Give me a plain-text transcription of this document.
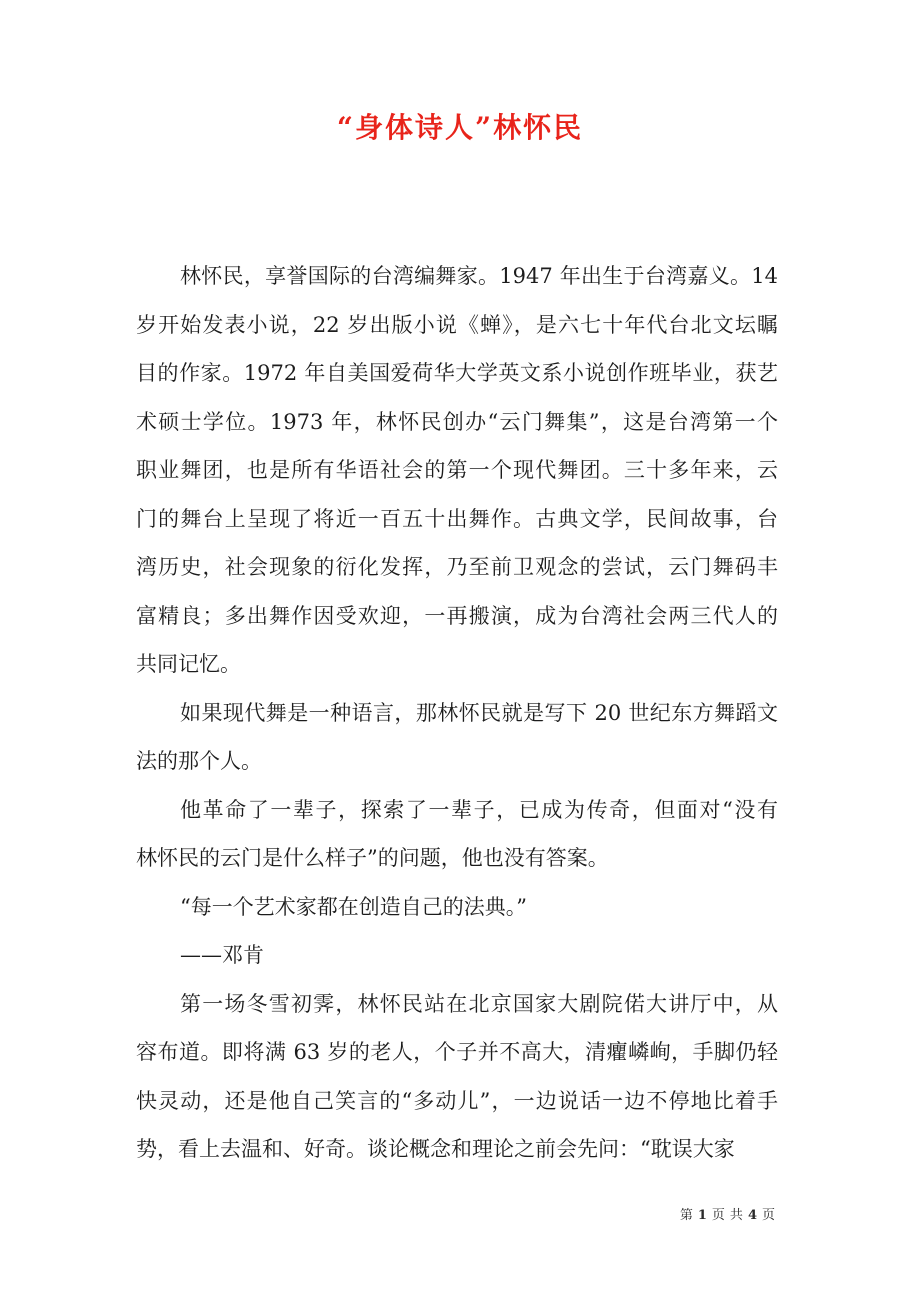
“身体诗人”林怀民
林怀民，享誉国际的台湾编舞家。1947 年出生于台湾嘉义。14
岁开始发表小说，22 岁出版小说《蝉》，是六七十年代台北文坛瞩
目的作家。1972 年自美国爱荷华大学英文系小说创作班毕业，获艺
术硕士学位。1973 年，林怀民创办“云门舞集”，这是台湾第一个
职业舞团，也是所有华语社会的第一个现代舞团。三十多年来，云
门的舞台上呈现了将近一百五十出舞作。古典文学，民间故事，台
湾历史，社会现象的衍化发挥，乃至前卫观念的尝试，云门舞码丰
富精良；多出舞作因受欢迎，一再搬演，成为台湾社会两三代人的
共同记忆。
如果现代舞是一种语言，那林怀民就是写下 20 世纪东方舞蹈文
法的那个人。
他革命了一辈子，探索了一辈子，已成为传奇，但面对“没有
林怀民的云门是什么样子”的问题，他也没有答案。
“每一个艺术家都在创造自己的法典。”
——邓肯
第一场冬雪初霁，林怀民站在北京国家大剧院偌大讲厅中，从
容布道。即将满 63 岁的老人，个子并不高大，清癯嶙峋，手脚仍轻
快灵动，还是他自己笑言的“多动儿”，一边说话一边不停地比着手
势，看上去温和、好奇。谈论概念和理论之前会先问：“耽误大家
第 1 页 共 4 页
